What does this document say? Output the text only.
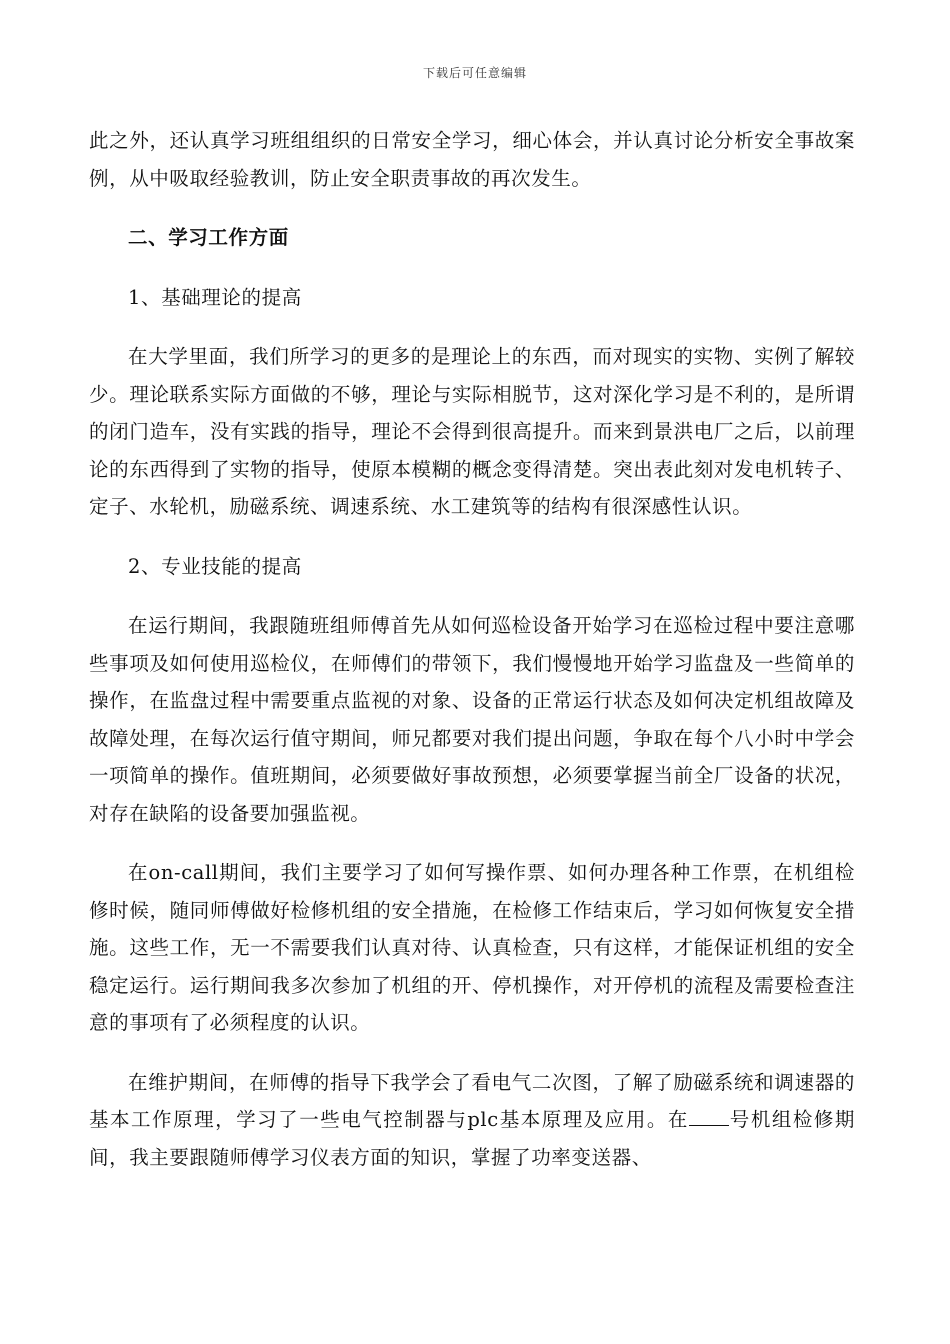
下载后可任意编辑

此之外，还认真学习班组组织的日常安全学习，细心体会，并认真讨论分析安全事故案例，从中吸取经验教训，防止安全职责事故的再次发生。

二、学习工作方面

1、基础理论的提高

在大学里面，我们所学习的更多的是理论上的东西，而对现实的实物、实例了解较少。理论联系实际方面做的不够，理论与实际相脱节，这对深化学习是不利的，是所谓的闭门造车，没有实践的指导，理论不会得到很高提升。而来到景洪电厂之后，以前理论的东西得到了实物的指导，使原本模糊的概念变得清楚。突出表此刻对发电机转子、定子、水轮机，励磁系统、调速系统、水工建筑等的结构有很深感性认识。

2、专业技能的提高

在运行期间，我跟随班组师傅首先从如何巡检设备开始学习在巡检过程中要注意哪些事项及如何使用巡检仪，在师傅们的带领下，我们慢慢地开始学习监盘及一些简单的操作，在监盘过程中需要重点监视的对象、设备的正常运行状态及如何决定机组故障及故障处理，在每次运行值守期间，师兄都要对我们提出问题，争取在每个八小时中学会一项简单的操作。值班期间，必须要做好事故预想，必须要掌握当前全厂设备的状况，对存在缺陷的设备要加强监视。

在on-call期间，我们主要学习了如何写操作票、如何办理各种工作票，在机组检修时候，随同师傅做好检修机组的安全措施，在检修工作结束后，学习如何恢复安全措施。这些工作，无一不需要我们认真对待、认真检查，只有这样，才能保证机组的安全稳定运行。运行期间我多次参加了机组的开、停机操作，对开停机的流程及需要检查注意的事项有了必须程度的认识。

在维护期间，在师傅的指导下我学会了看电气二次图，了解了励磁系统和调速器的基本工作原理，学习了一些电气控制器与plc基本原理及应用。在 号机组检修期间，我主要跟随师傅学习仪表方面的知识，掌握了功率变送器、
